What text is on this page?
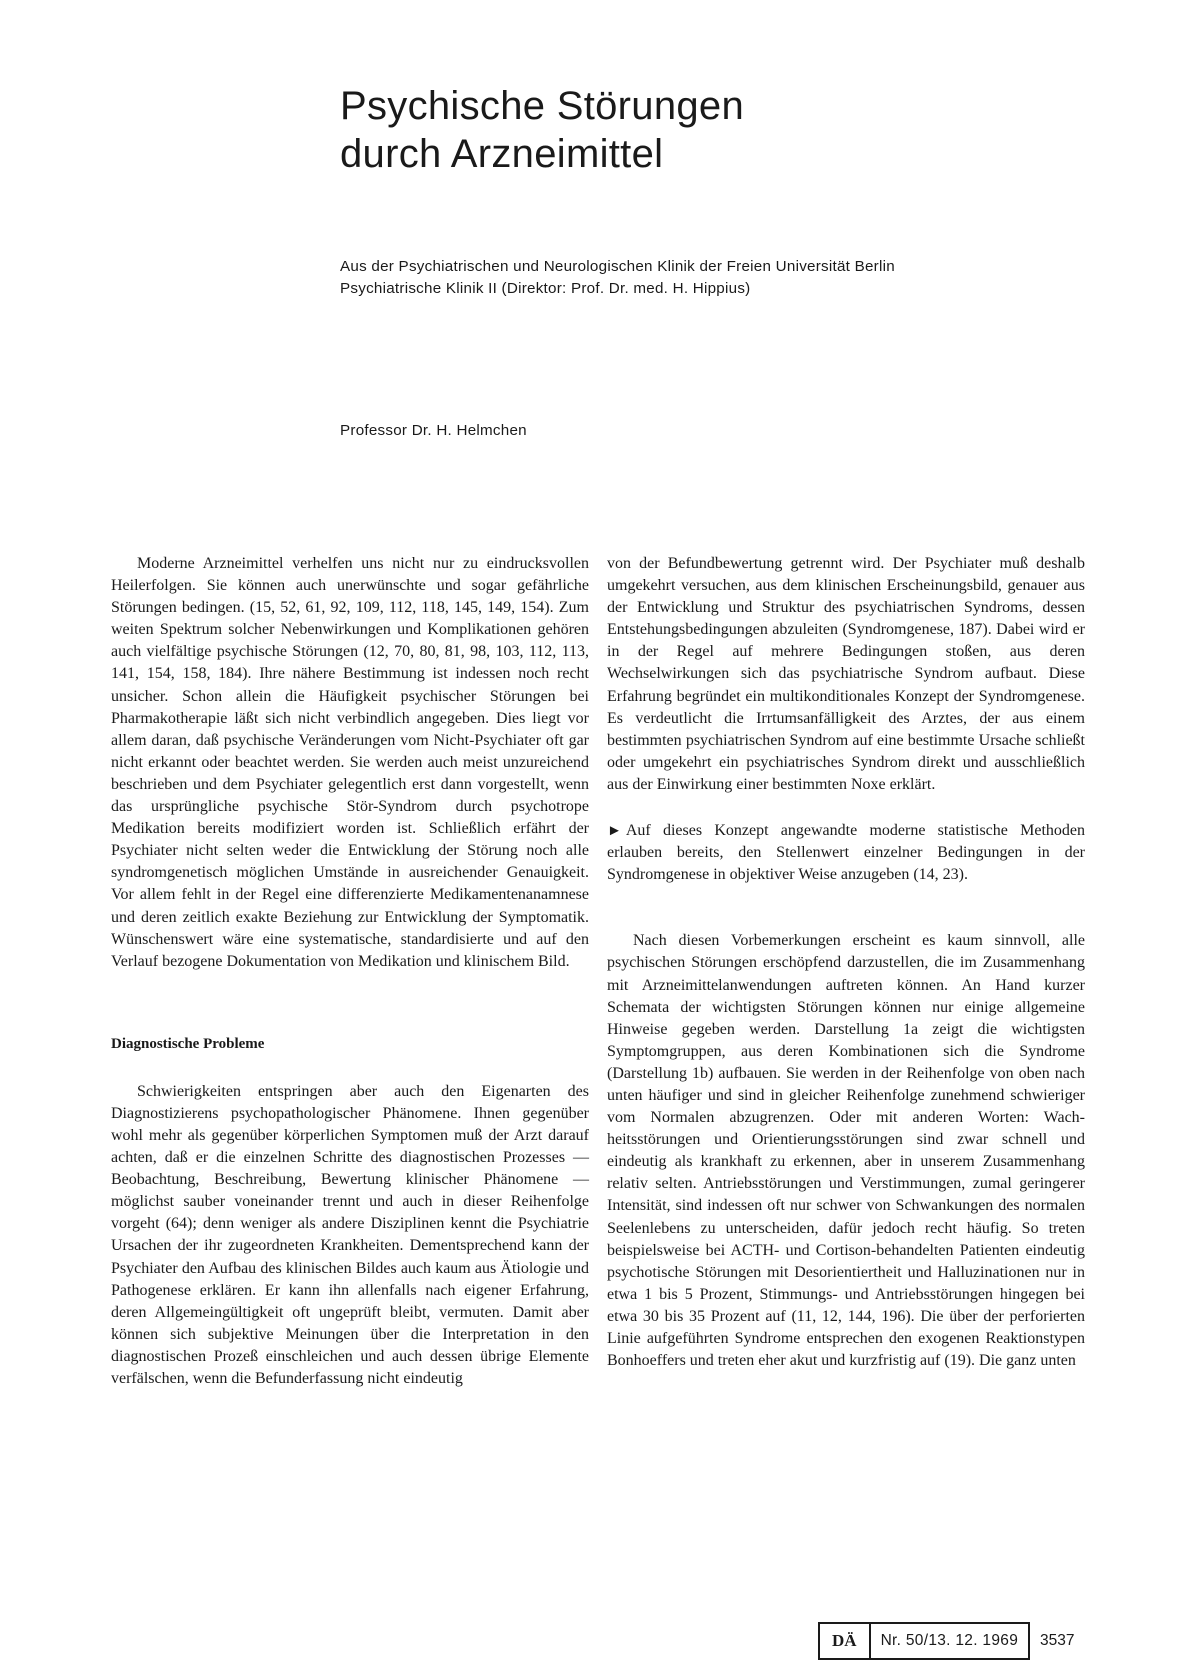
Psychische Störungen
durch Arzneimittel
Aus der Psychiatrischen und Neurologischen Klinik der Freien Universität Berlin
Psychiatrische Klinik II (Direktor: Prof. Dr. med. H. Hippius)
Professor Dr. H. Helmchen

Moderne Arzneimittel verhelfen uns nicht nur zu eindrucksvollen Heilerfolgen. Sie können auch unerwünschte und sogar gefährliche Störungen bedingen. (15, 52, 61, 92, 109, 112, 118, 145, 149, 154). Zum weiten Spektrum solcher Nebenwirkungen und Komplikationen gehören auch vielfältige psychische Störungen (12, 70, 80, 81, 98, 103, 112, 113, 141, 154, 158, 184). Ihre nähere Bestimmung ist indessen noch recht unsicher. Schon allein die Häufigkeit psychischer Störungen bei Pharmakotherapie läßt sich nicht verbindlich angegeben. Dies liegt vor allem daran, daß psychische Veränderungen vom Nicht-Psychiater oft gar nicht erkannt oder beachtet werden. Sie werden auch meist unzureichend beschrieben und dem Psychiater gelegentlich erst dann vorgestellt, wenn das ursprüngliche psychische Stör-Syndrom durch psychotrope Medikation bereits modifiziert worden ist. Schließlich erfährt der Psychiater nicht selten weder die Entwicklung der Störung noch alle syndromgenetisch möglichen Umstände in ausreichender Genauigkeit. Vor allem fehlt in der Regel eine differenzierte Medikamentenanamnese und deren zeitlich exakte Beziehung zur Entwicklung der Symptomatik. Wünschenswert wäre eine systematische, standardisierte und auf den Verlauf bezogene Dokumentation von Medikation und klinischem Bild.

Diagnostische Probleme

Schwierigkeiten entspringen aber auch den Eigenarten des Diagnostizierens psychopathologischer Phänomene. Ihnen gegenüber wohl mehr als gegenüber körperlichen Symptomen muß der Arzt darauf achten, daß er die einzelnen Schritte des diagnostischen Prozesses — Beobachtung, Beschreibung, Bewertung klinischer Phänomene — möglichst sauber voneinander trennt und auch in dieser Reihenfolge vorgeht (64); denn weniger als andere Disziplinen kennt die Psychiatrie Ursachen der ihr zugeordneten Krankheiten. Dementsprechend kann der Psychiater den Aufbau des klinischen Bildes auch kaum aus Ätiologie und Pathogenese erklären. Er kann ihn allenfalls nach eigener Erfahrung, deren Allgemeingültigkeit oft ungeprüft bleibt, vermuten. Damit aber können sich subjektive Meinungen über die Interpretation in den diagnostischen Prozeß einschleichen und auch dessen übrige Elemente verfälschen, wenn die Befunderfassung nicht eindeutig

von der Befundbewertung getrennt wird. Der Psychiater muß deshalb umgekehrt versuchen, aus dem klinischen Erscheinungsbild, genauer aus der Entwicklung und Struktur des psychiatrischen Syndroms, dessen Entstehungsbedingungen abzuleiten (Syndromgenese, 187). Dabei wird er in der Regel auf mehrere Bedingungen stoßen, aus deren Wechselwirkungen sich das psychiatrische Syndrom aufbaut. Diese Erfahrung begründet ein multikonditionales Konzept der Syndromgenese. Es verdeutlicht die Irrtumsanfälligkeit des Arztes, der aus einem bestimmten psychiatrischen Syndrom auf eine bestimmte Ursache schließt oder umgekehrt ein psychiatrisches Syndrom direkt und ausschließlich aus der Einwirkung einer bestimmten Noxe erklärt.

► Auf dieses Konzept angewandte moderne statistische Methoden erlauben bereits, den Stellenwert einzelner Bedingungen in der Syndromgenese in objektiver Weise anzugeben (14, 23).

Nach diesen Vorbemerkungen erscheint es kaum sinnvoll, alle psychischen Störungen erschöpfend darzustellen, die im Zusammenhang mit Arzneimittelanwendungen auftreten können. An Hand kurzer Schemata der wichtigsten Störungen können nur einige allgemeine Hinweise gegeben werden. Darstellung 1a zeigt die wichtigsten Symptomgruppen, aus deren Kombinationen sich die Syndrome (Darstellung 1b) aufbauen. Sie werden in der Reihenfolge von oben nach unten häufiger und sind in gleicher Reihenfolge zunehmend schwieriger vom Normalen abzugrenzen. Oder mit anderen Worten: Wachheitsstörungen und Orientierungsstörungen sind zwar schnell und eindeutig als krankhaft zu erkennen, aber in unserem Zusammenhang relativ selten. Antriebsstörungen und Verstimmungen, zumal geringerer Intensität, sind indessen oft nur schwer von Schwankungen des normalen Seelenlebens zu unterscheiden, dafür jedoch recht häufig. So treten beispielsweise bei ACTH- und Cortison-behandelten Patienten eindeutig psychotische Störungen mit Desorientiertheit und Halluzinationen nur in etwa 1 bis 5 Prozent, Stimmungs- und Antriebsstörungen hingegen bei etwa 30 bis 35 Prozent auf (11, 12, 144, 196). Die über der perforierten Linie aufgeführten Syndrome entsprechen den exogenen Reaktionstypen Bonhoeffers und treten eher akut und kurzfristig auf (19). Die ganz unten

DÄ	Nr. 50/13. 12. 1969	3537
